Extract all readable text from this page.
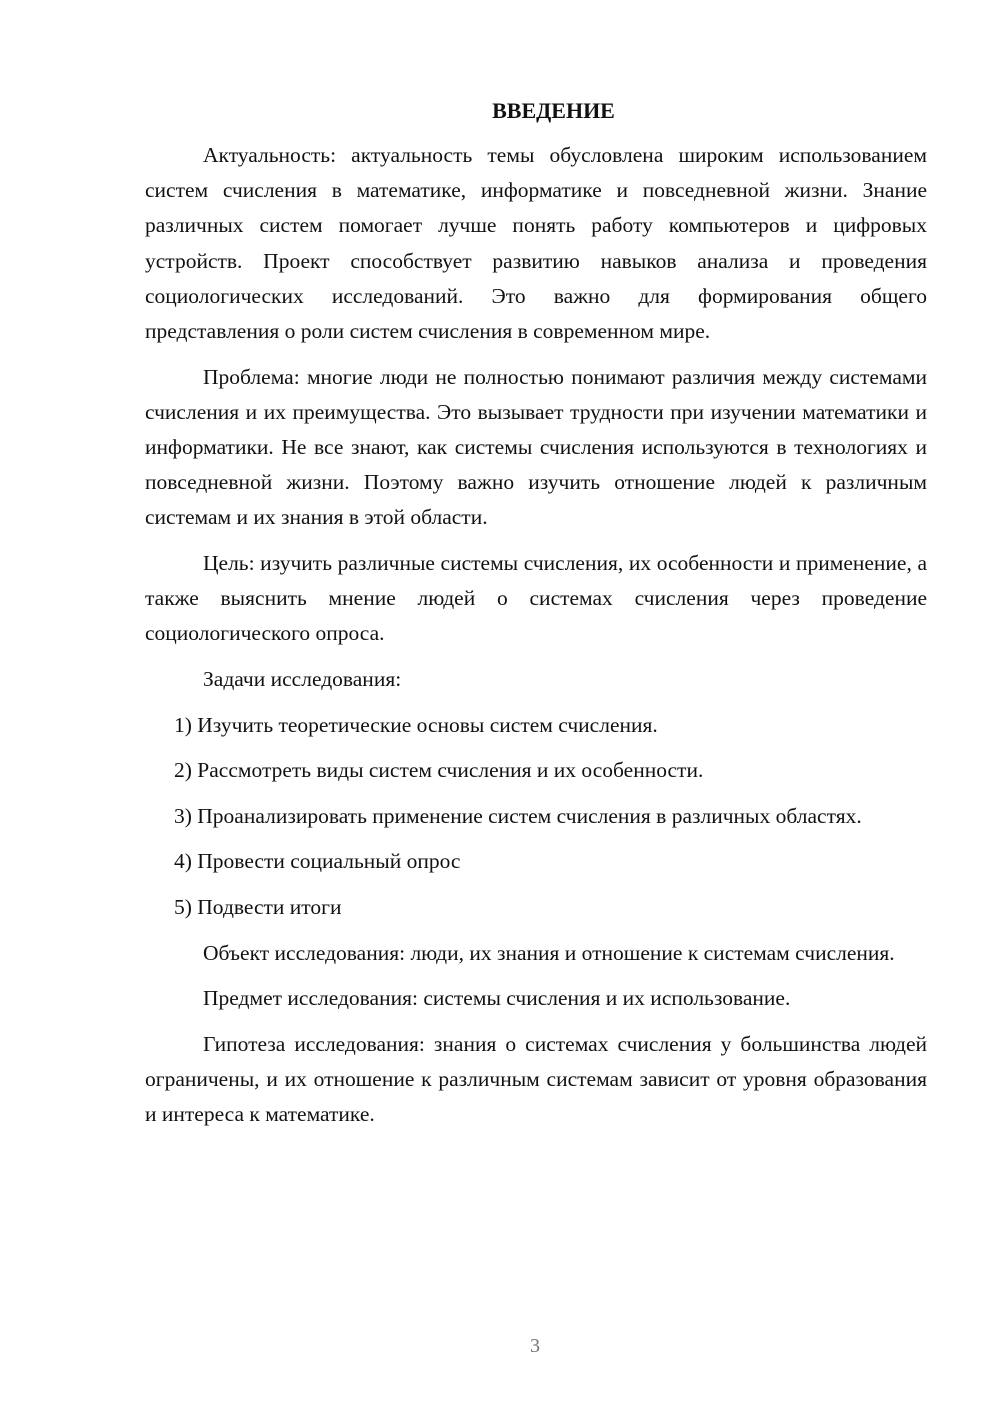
ВВЕДЕНИЕ

Актуальность: актуальность темы обусловлена широким использованием систем счисления в математике, информатике и повседневной жизни. Знание различных систем помогает лучше понять работу компьютеров и цифровых устройств. Проект способствует развитию навыков анализа и проведения социологических исследований. Это важно для формирования общего представления о роли систем счисления в современном мире.

Проблема: многие люди не полностью понимают различия между системами счисления и их преимущества. Это вызывает трудности при изучении математики и информатики. Не все знают, как системы счисления используются в технологиях и повседневной жизни. Поэтому важно изучить отношение людей к различным системам и их знания в этой области.

Цель: изучить различные системы счисления, их особенности и применение, а также выяснить мнение людей о системах счисления через проведение социологического опроса.

Задачи исследования:

1) Изучить теоретические основы систем счисления.

2) Рассмотреть виды систем счисления и их особенности.

3) Проанализировать применение систем счисления в различных областях.

4) Провести социальный опрос

5) Подвести итоги

Объект исследования: люди, их знания и отношение к системам счисления.

Предмет исследования: системы счисления и их использование.

Гипотеза исследования: знания о системах счисления у большинства людей ограничены, и их отношение к различным системам зависит от уровня образования и интереса к математике.

3
